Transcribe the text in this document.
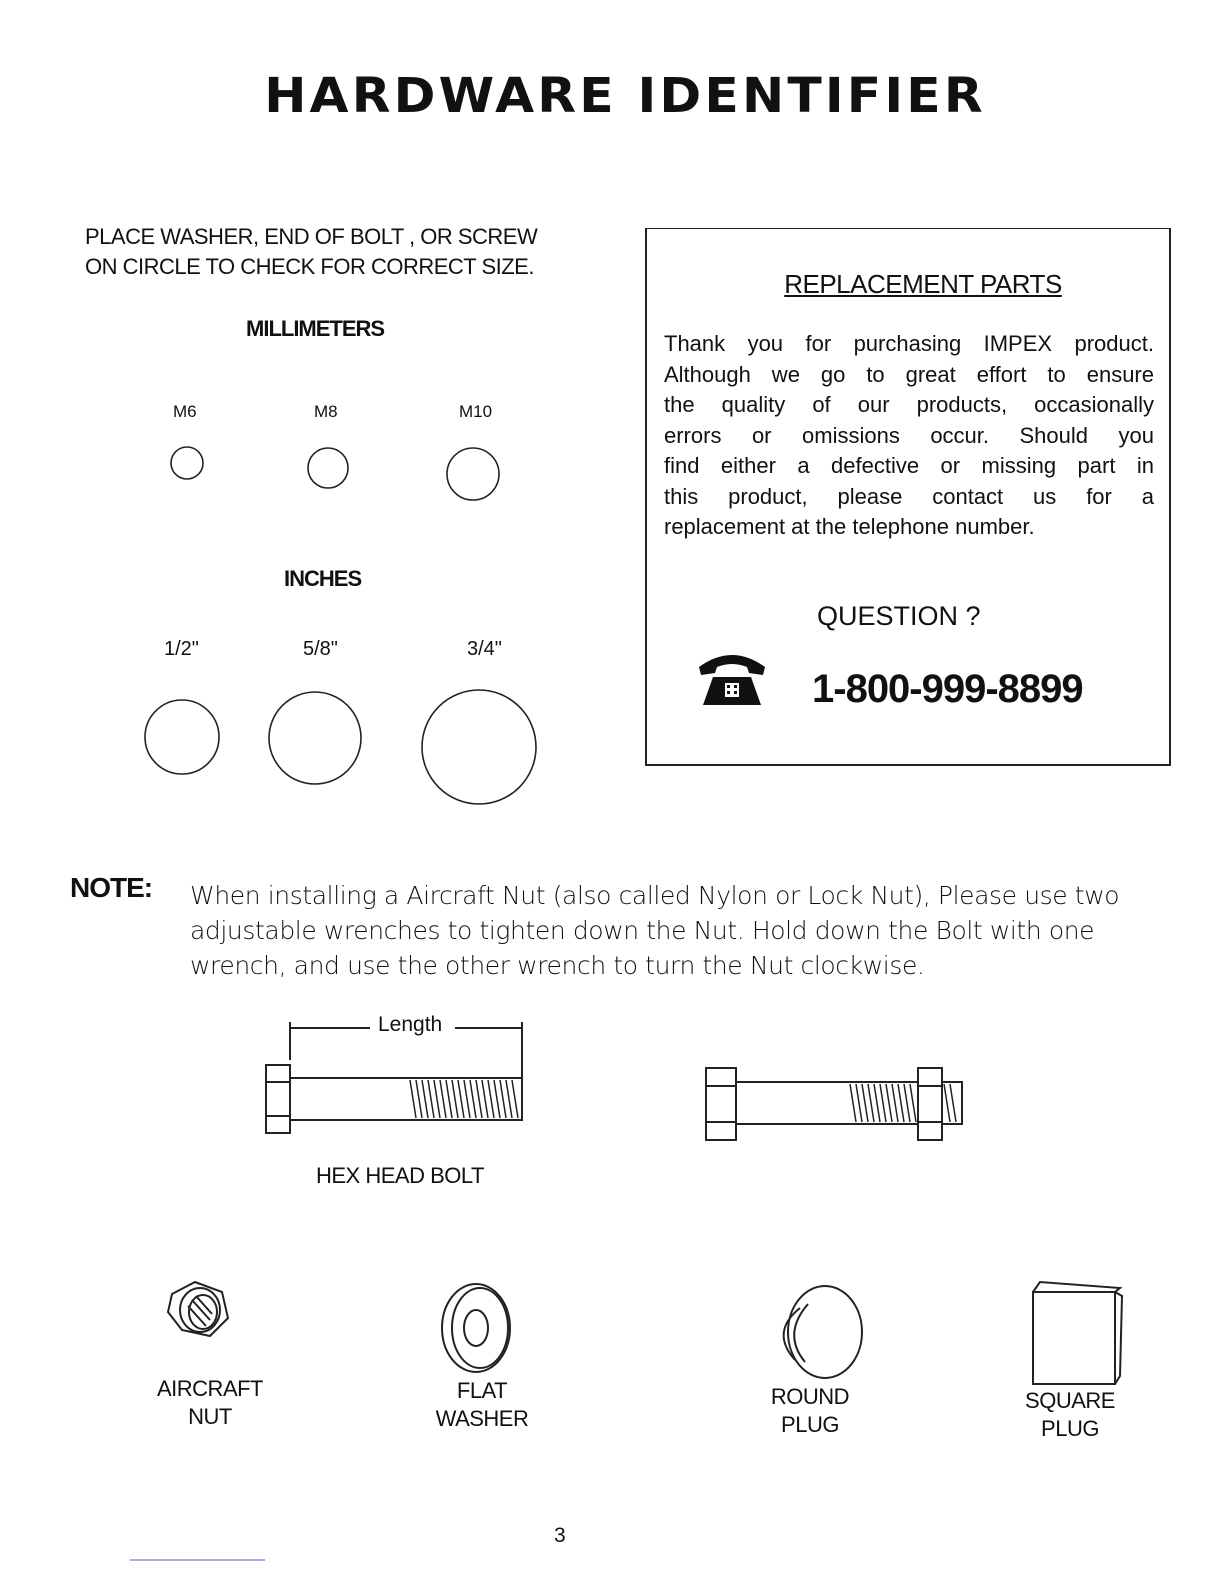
HARDWARE IDENTIFIER
PLACE WASHER, END OF BOLT , OR SCREW
ON CIRCLE TO CHECK FOR CORRECT SIZE.
MILLIMETERS
M6	M8	M10
INCHES
1/2"	5/8"	3/4"
REPLACEMENT PARTS
Thank you for purchasing IMPEX product.
Although we go to great effort to ensure
the quality of our products, occasionally
errors or omissions occur. Should you
find either a defective or missing part in
this product, please contact us for a
replacement at the telephone number.
QUESTION ?
1-800-999-8899
NOTE: When installing a Aircraft Nut (also called Nylon or Lock Nut), Please use two
adjustable wrenches to tighten down the Nut. Hold down the Bolt with one
wrench, and use the other wrench to turn the Nut clockwise.
Length
HEX HEAD BOLT
AIRCRAFT
NUT
FLAT
WASHER
ROUND
PLUG
SQUARE
PLUG
3
